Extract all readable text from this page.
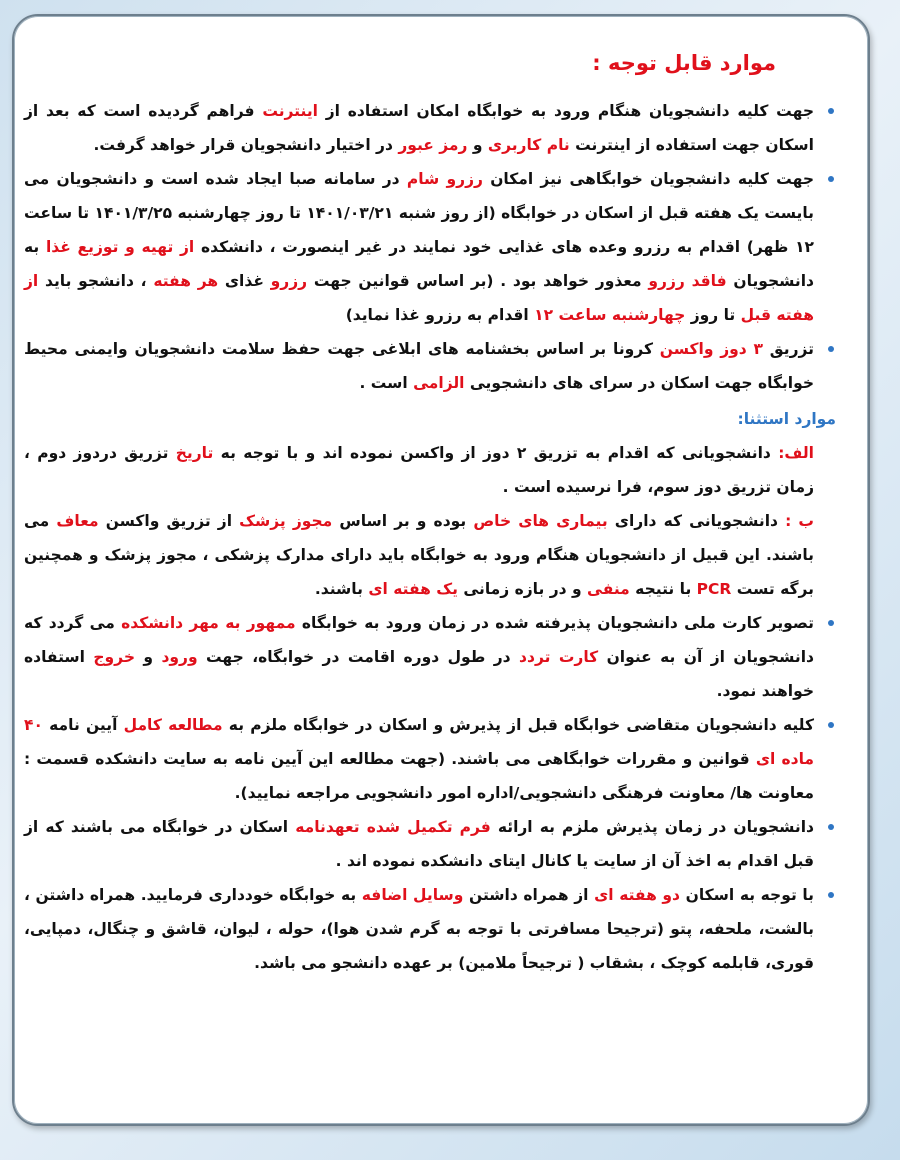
موارد قابل توجه :
جهت کلیه دانشجویان هنگام ورود به خوابگاه امکان استفاده از اینترنت فراهم گردیده است که بعد از اسکان جهت استفاده از اینترنت نام کاربری و رمز عبور در اختیار دانشجویان قرار خواهد گرفت.
جهت کلیه دانشجویان خوابگاهی نیز امکان رزرو شام در سامانه صبا ایجاد شده است و دانشجویان می بایست یک هفته قبل از اسکان در خوابگاه (از روز شنبه ۱۴۰۱/۰۳/۲۱ تا روز چهارشنبه ۱۴۰۱/۳/۲۵ تا ساعت ۱۲ ظهر) اقدام به رزرو وعده های غذایی خود نمایند در غیر اینصورت ، دانشکده از تهیه و توزیع غذا به دانشجویان فاقد رزرو معذور خواهد بود . (بر اساس قوانین جهت رزرو غذای هر هفته ، دانشجو باید از هفته قبل تا روز چهارشنبه ساعت ۱۲ اقدام به رزرو غذا نماید)
تزریق ۳ دوز واکسن کرونا بر اساس بخشنامه های ابلاغی جهت حفظ سلامت دانشجویان وایمنی محیط خوابگاه جهت اسکان در سرای های دانشجویی الزامی است .
موارد استثنا:
الف: دانشجویانی که اقدام به تزریق ۲ دوز از واکسن نموده اند و با توجه به تاریخ تزریق دردوز دوم ، زمان تزریق دوز سوم، فرا نرسیده است .
ب : دانشجویانی که دارای بیماری های خاص بوده و بر اساس مجوز پزشک از تزریق واکسن معاف می باشند. این قبیل از دانشجویان هنگام ورود به خوابگاه باید دارای مدارک پزشکی ، مجوز پزشک و همچنین برگه تست PCR با نتیجه منفی و در بازه زمانی یک هفته ای باشند.
تصویر کارت ملی دانشجویان پذیرفته شده در زمان ورود به خوابگاه ممهور به مهر دانشکده می گردد که دانشجویان از آن به عنوان کارت تردد در طول دوره اقامت در خوابگاه، جهت ورود و خروج استفاده خواهند نمود.
کلیه دانشجویان متقاضی خوابگاه قبل از پذیرش و اسکان در خوابگاه ملزم به مطالعه کامل آیین نامه ۴۰ ماده ای قوانین و مقررات خوابگاهی می باشند. (جهت مطالعه این آیین نامه به سایت دانشکده قسمت : معاونت ها/ معاونت فرهنگی دانشجویی/اداره امور دانشجویی مراجعه نمایید).
دانشجویان در زمان پذیرش ملزم به ارائه فرم تکمیل شده تعهدنامه اسکان در خوابگاه می باشند که از قبل اقدام به اخذ آن از سایت یا کانال ایتای دانشکده نموده اند .
با توجه به اسکان دو هفته ای از همراه داشتن وسایل اضافه به خوابگاه خودداری فرمایید. همراه داشتن ، بالشت، ملحفه، پتو (ترجیحا مسافرتی با توجه به گرم شدن هوا)، حوله ، لیوان، قاشق و چنگال، دمپایی، قوری، قابلمه کوچک ، بشقاب ( ترجیحاً ملامین) بر عهده دانشجو می باشد.
